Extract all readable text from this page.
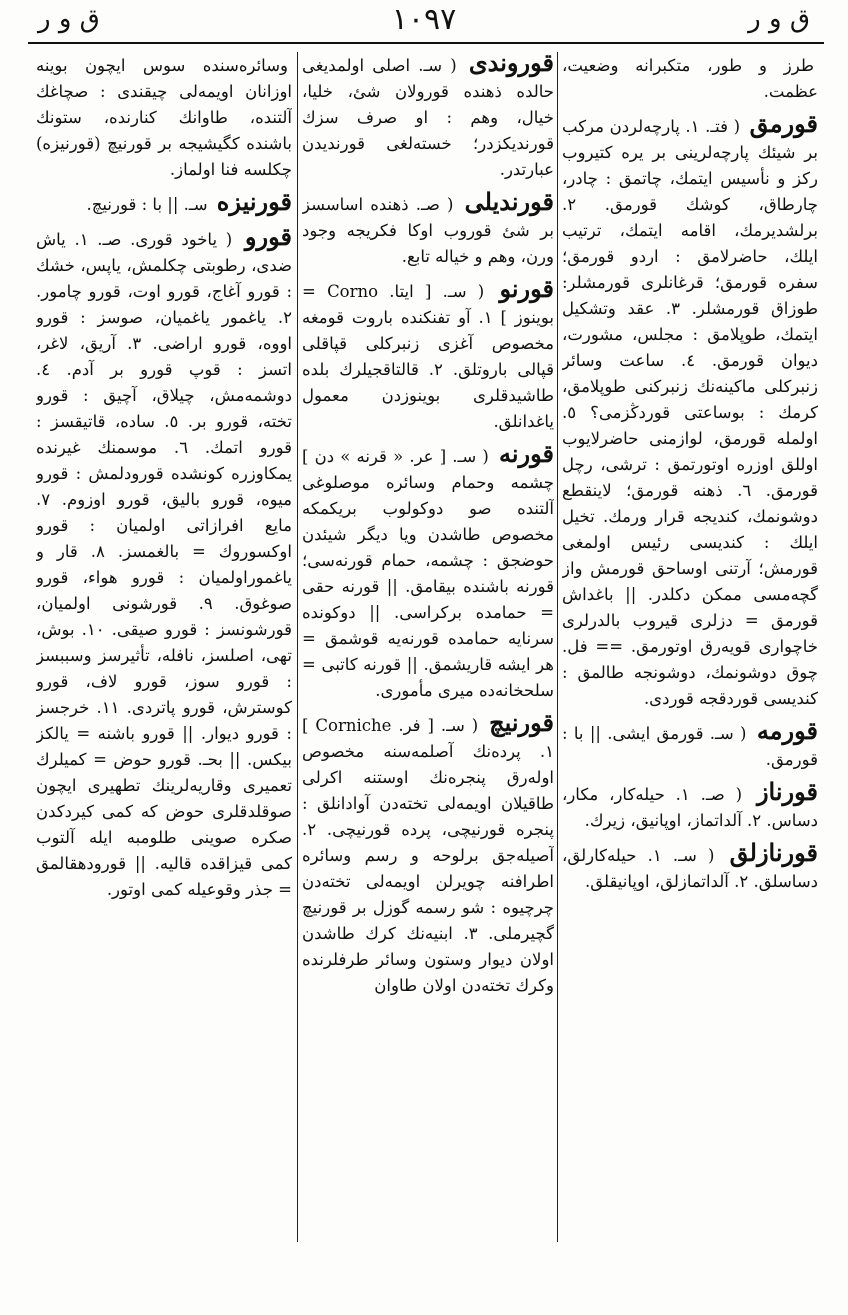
ق و ر	١٠٩٧	ق و ر

طرز و طور، متكبرانه وضعيت، عظمت.

قورمق ( فتـ. ١. پارچه‌لردن مركب بر شيئك پارچه‌لرينى بر يره كتيروب ركز و نأسيس ايتمك، چاتمق : چادر، چارطاق، كوشك قورمق. ٢. برلشديرمك، اقامه ايتمك، ترتيب ايلك، حاضرلامق : اردو قورمق؛ سفره قورمق؛ قرغانلرى قورمشلر: طوزاق قورمشلر. ٣. عقد وتشكيل ايتمك، طوپلامق : مجلس، مشورت، ديوان قورمق. ٤. ساعت وسائر زنبركلى ماكينه‌نك زنبركنى طوپلامق، كرمك : بوساعتى قوردڭزمى؟ ٥. اولمله قورمق، لوازمنى حاضرلايوب اوللق اوزره اوتورتمق : ترشى، رچل قورمق. ٦. ذهنه قورمق؛ لاينقطع دوشونمك، كنديجه قرار ورمك. تخيل ايلك : كنديسى رئيس اولمغى قورمش؛ آرتنى اوساحق قورمش واز گچه‌مسى ممكن دكلدر. || باغداش قورمق = دزلرى قيروب بالدرلرى خاچوارى قويه‌رق اوتورمق. == فل. چوق دوشونمك، دوشونجه طالمق : كنديسى قوردقجه قوردى.

قورمه ( سـ. قورمق ايشى. || با : قورمق.

قورناز ( صـ. ١. حيله‌كار، مكار، دساس. ٢. آلداتماز، اوپانيق، زيرك.

قورنازلق ( سـ. ١. حيله‌كارلق، دساسلق. ٢. آلداتمازلق، اوپانيقلق.

قوروندى ( سـ. اصلى اولمديغى حالده ذهنده قورولان شئ، خليا، خيال، وهم : او صرف سزك قورنديكزدر؛ خسته‌لغى قورنديدن عبارتدر.

قورنديلى ( صـ. ذهنده اساسسز بر شئ قوروب اوكا فكريجه وجود ورن، وهم و خياله تابع.

قورنو ( سـ. [ ايتا. Corno = بوينوز ] ١. آو تفنكنده باروت قومغه مخصوص آغزى زنبركلى قپاقلى قپالى باروتلق. ٢. قالتاقجيلرك بلده طاشيدقلرى بوينوزدن معمول ياغدانلق.

قورنه ( سـ. [ عر. « قرنه » دن ] چشمه وحمام وسائره موصلوغى آلتنده صو دوكولوب بريكمكه مخصوص طاشدن ويا ديگر شيئدن حوضجق : چشمه، حمام قورنه‌سى؛ قورنه باشنده بيقامق. || قورنه حقى = حمامده بركراسى. || دوكونده سرنايه حمامده قورنه‌يه قوشمق = هر ايشه قاريشمق. || قورنه كاتبى = سلحخانه‌ده ميرى مأمورى.

قورنيچ ( سـ. [ فر. Corniche ] ١. پرده‌نك آصلمه‌سنه مخصوص اوله‌رق پنجره‌نك اوستنه اكرلى طاقيلان اويمه‌لى تخته‌دن آوادانلق : پنجره قورنيچى، پرده قورنيچى. ٢. آصيله‌جق برلوحه و رسم وسائره اطرافنه چويرلن اويمه‌لى تخته‌دن چرچيوه : شو رسمه گوزل بر قورنيچ گچيرملى. ٣. ابنيه‌نك كرك طاشدن اولان ديوار وستون وسائر طرفلرنده وكرك تخته‌دن اولان طاوان

وسائره‌سنده سوس ايچون بوينه اوزانان اويمه‌لى چيقندى : صچاغك آلتنده، طاوانك كنارنده، ستونك باشنده كگيشيجه بر قورنيچ (قورنيزه) چكلسه فنا اولماز.

قورنيزه سـ. || با : قورنيچ.

قورو ( ياخود قورى. صـ. ١. ياش ضدى، رطوبتى چكلمش، ياپس، خشك : قورو آغاج، قورو اوت، قورو چامور. ٢. ياغمور ياغميان، صوسز : قورو اووه، قورو اراضى. ٣. آريق، لاغر، اتسز : قوپ قورو بر آدم. ٤. دوشمه‌مش، چيلاق، آچيق : قورو تخته، قورو بر. ٥. ساده، قاتيقسز : قورو اتمك. ٦. موسمنك غيرنده يمكاوزره كونشده قورودلمش : قورو ميوه، قورو باليق، قورو اوزوم. ٧. مايع افرازاتى اولميان : قورو اوكسوروك = بالغمسز. ٨. قار و ياغموراولميان : قورو هواء، قورو صوغوق. ٩. قورشونى اولميان، قورشونسز : قورو صيقى. ١٠. بوش، تهى، اصلسز، نافله، تأثيرسز وسببسز : قورو سوز، قورو لاف، قورو كوسترش، قورو پاتردى. ١١. خرجسز : قورو ديوار. || قورو باشنه = يالكز بيكس. || بحـ. قورو حوض = كميلرك تعميرى وقاريه‌لرينك تطهيرى ايچون صوقلدقلرى حوض كه كمى كيردكدن صكره صوينى طلومبه ايله آلتوب كمى قيزاقده قاليه. || قورودهقالمق = جذر وقوعيله كمى اوتور.
